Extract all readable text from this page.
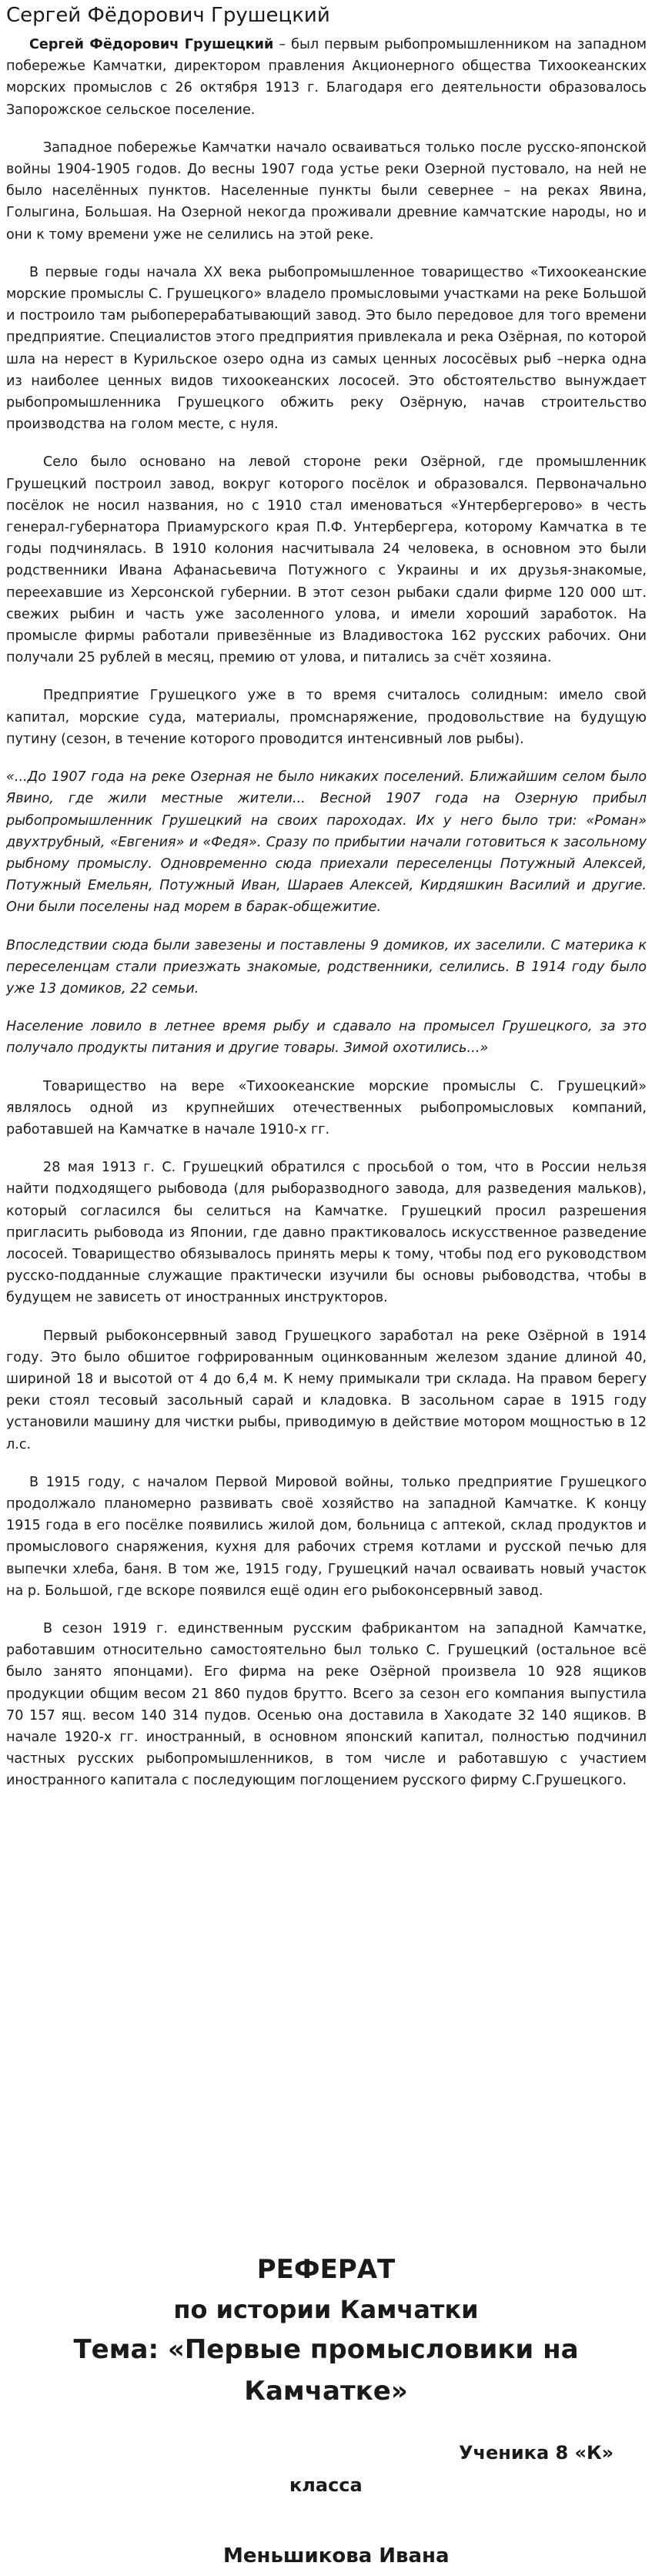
Сергей Фёдорович Грушецкий

Сергей Фёдорович Грушецкий – был первым рыбопромышленником на западном побережье Камчатки, директором правления Акционерного общества Тихоокеанских морских промыслов с 26 октября 1913 г. Благодаря его деятельности образовалось Запорожское сельское поселение.

Западное побережье Камчатки начало осваиваться только после русско-японской войны 1904-1905 годов. До весны 1907 года устье реки Озерной пустовало, на ней не было населённых пунктов. Населенные пункты были севернее – на реках Явина, Голыгина, Большая. На Озерной некогда проживали древние камчатские народы, но и они к тому времени уже не селились на этой реке.

В первые годы начала XX века рыбопромышленное товарищество «Тихоокеанские морские промыслы С. Грушецкого» владело промысловыми участками на реке Большой и построило там рыбоперерабатывающий завод. Это было передовое для того времени предприятие. Специалистов этого предприятия привлекала и река Озёрная, по которой шла на нерест в Курильское озеро одна из самых ценных лососёвых рыб –нерка одна из наиболее ценных видов тихоокеанских лососей. Это обстоятельство вынуждает рыбопромышленника Грушецкого обжить реку Озёрную, начав строительство производства на голом месте, с нуля.

Село было основано на левой стороне реки Озёрной, где промышленник Грушецкий построил завод, вокруг которого посёлок и образовался. Первоначально посёлок не носил названия, но с 1910 стал именоваться «Унтербергерово» в честь генерал-губернатора Приамурского края П.Ф. Унтербергера, которому Камчатка в те годы подчинялась. В 1910 колония насчитывала 24 человека, в основном это были родственники Ивана Афанасьевича Потужного с Украины и их друзья-знакомые, переехавшие из Херсонской губернии. В этот сезон рыбаки сдали фирме 120 000 шт. свежих рыбин и часть уже засоленного улова, и имели хороший заработок. На промысле фирмы работали привезённые из Владивостока 162 русских рабочих. Они получали 25 рублей в месяц, премию от улова, и питались за счёт хозяина.

Предприятие Грушецкого уже в то время считалось солидным: имело свой капитал, морские суда, материалы, промснаряжение, продовольствие на будущую путину (сезон, в течение которого проводится интенсивный лов рыбы).

«...До 1907 года на реке Озерная не было никаких поселений. Ближайшим селом было Явино, где жили местные жители... Весной 1907 года на Озерную прибыл рыбопромышленник Грушецкий на своих пароходах. Их у него было три: «Роман» двухтрубный, «Евгения» и «Федя». Сразу по прибытии начали готовиться к засольному рыбному промыслу. Одновременно сюда приехали переселенцы Потужный Алексей, Потужный Емельян, Потужный Иван, Шараев Алексей, Кирдяшкин Василий и другие. Они были поселены над морем в барак-общежитие.

Впоследствии сюда были завезены и поставлены 9 домиков, их заселили. С материка к переселенцам стали приезжать знакомые, родственники, селились. В 1914 году было уже 13 домиков, 22 семьи.

Население ловило в летнее время рыбу и сдавало на промысел Грушецкого, за это получало продукты питания и другие товары. Зимой охотились...»

Товарищество на вере «Тихоокеанские морские промыслы С. Грушецкий» являлось одной из крупнейших отечественных рыбопромысловых компаний, работавшей на Камчатке в начале 1910-х гг.

28 мая 1913 г. С. Грушецкий обратился с просьбой о том, что в России нельзя найти подходящего рыбовода (для рыборазводного завода, для разведения мальков), который согласился бы селиться на Камчатке. Грушецкий просил разрешения пригласить рыбовода из Японии, где давно практиковалось искусственное разведение лососей. Товарищество обязывалось принять меры к тому, чтобы под его руководством русско-подданные служащие практически изучили бы основы рыбоводства, чтобы в будущем не зависеть от иностранных инструкторов.

Первый рыбоконсервный завод Грушецкого заработал на реке Озёрной в 1914 году. Это было обшитое гофрированным оцинкованным железом здание длиной 40, шириной 18 и высотой от 4 до 6,4 м. К нему примыкали три склада. На правом берегу реки стоял тесовый засольный сарай и кладовка. В засольном сарае в 1915 году установили машину для чистки рыбы, приводимую в действие мотором мощностью в 12 л.с.

В 1915 году, с началом Первой Мировой войны, только предприятие Грушецкого продолжало планомерно развивать своё хозяйство на западной Камчатке. К концу 1915 года в его посёлке появились жилой дом, больница с аптекой, склад продуктов и промыслового снаряжения, кухня для рабочих стремя котлами и русской печью для выпечки хлеба, баня. В том же, 1915 году, Грушецкий начал осваивать новый участок на р. Большой, где вскоре появился ещё один его рыбоконсервный завод.

В сезон 1919 г. единственным русским фабрикантом на западной Камчатке, работавшим относительно самостоятельно был только С. Грушецкий (остальное всё было занято японцами). Его фирма на реке Озёрной произвела 10 928 ящиков продукции общим весом 21 860 пудов брутто. Всего за сезон его компания выпустила 70 157 ящ. весом 140 314 пудов. Осенью она доставила в Хакодате 32 140 ящиков. В начале 1920-х гг. иностранный, в основном японский капитал, полностью подчинил частных русских рыбопромышленников, в том числе и работавшую с участием иностранного капитала с последующим поглощением русского фирму С.Грушецкого.

РЕФЕРАТ
по истории Камчатки
Тема: «Первые промысловики на
Камчатке»
Ученика 8 «К»
класса
Меньшикова Ивана
